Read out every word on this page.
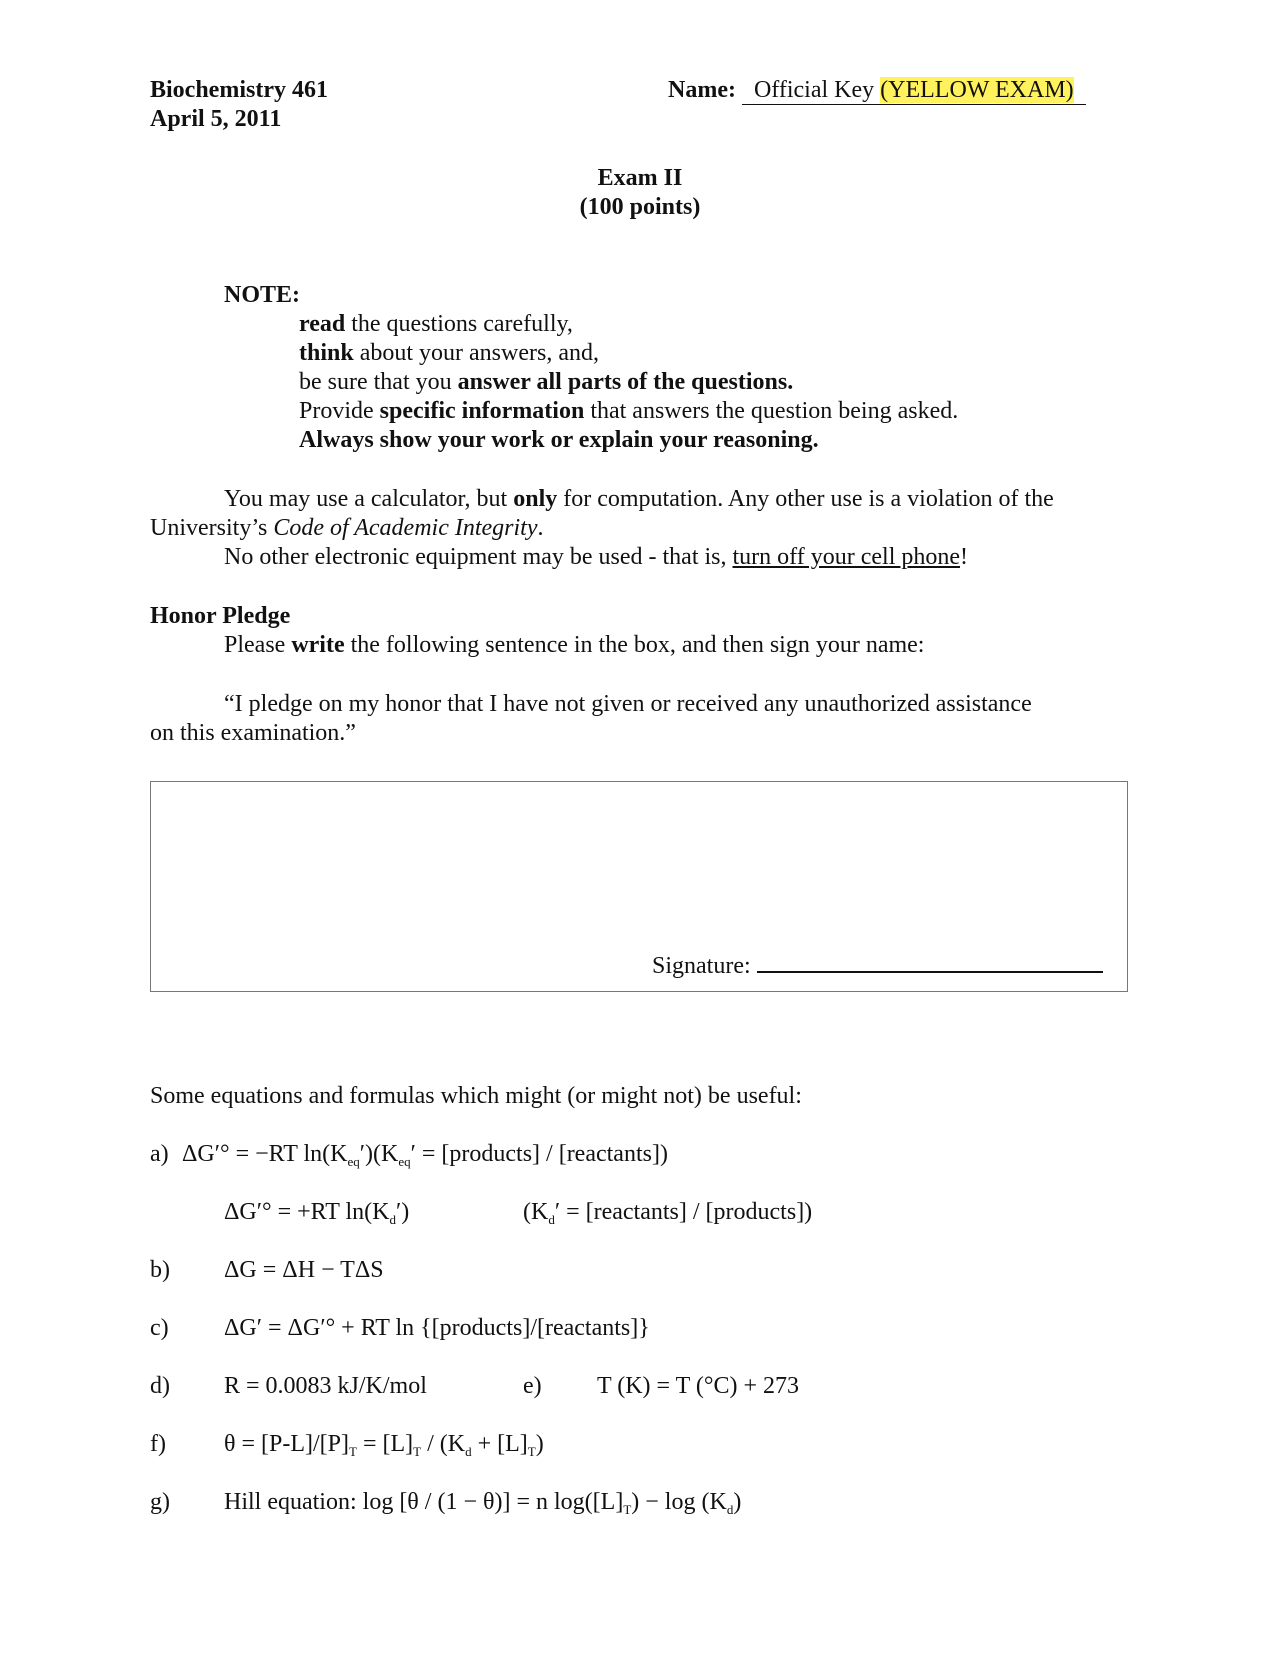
Biochemistry 461
April 5, 2011
Name: Official Key (YELLOW EXAM)
Exam II
(100 points)
NOTE:
read the questions carefully,
think about your answers, and,
be sure that you answer all parts of the questions.
Provide specific information that answers the question being asked.
Always show your work or explain your reasoning.
You may use a calculator, but only for computation. Any other use is a violation of the
University’s Code of Academic Integrity.
No other electronic equipment may be used - that is, turn off your cell phone!
Honor Pledge
Please write the following sentence in the box, and then sign your name:
“I pledge on my honor that I have not given or received any unauthorized assistance
on this examination.”
Signature:
Some equations and formulas which might (or might not) be useful:
a) ΔG′° = −RT $\ln(K_{eq}')(K_{eq}'$ = [products] / [reactants])
ΔG′° = +RT $\ln(K_d')$	($K_d'$ = [reactants] / [products])
b) ΔG = ΔH − TΔS
c) ΔG′ = ΔG′° + RT ln {[products]/[reactants]}
d) R = 0.0083 kJ/K/mol	e) T (K) = T (°C) + 273
f) $\theta = [P-L]/[P]_T = [L]_T / (K_d + [L]_T)$
g) Hill equation: log [θ / (1 − θ)] = n $\log([L]_T) - \log (K_d)$
